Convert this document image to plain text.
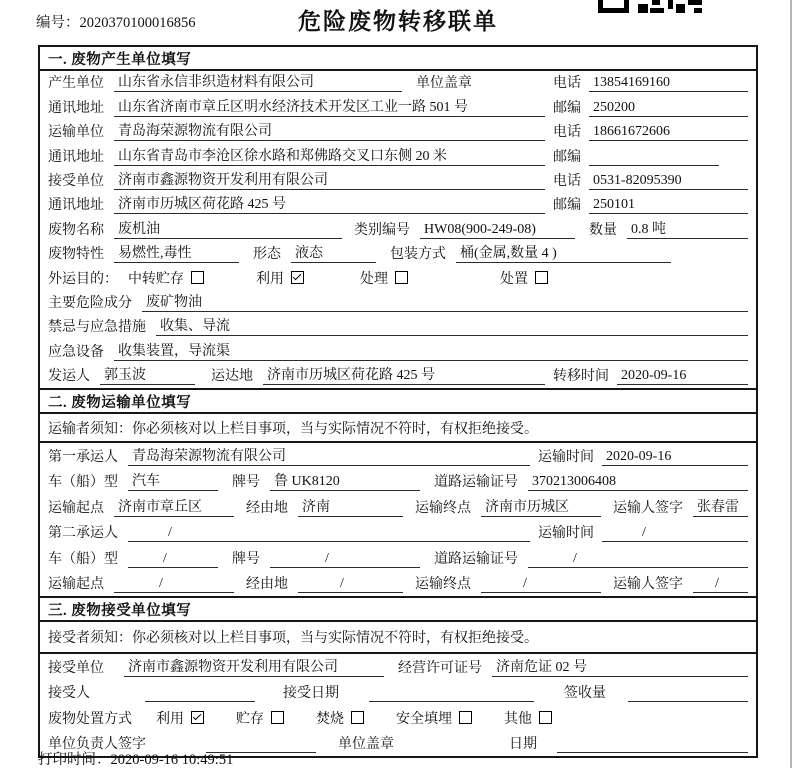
编号：2020370100016856	危险废物转移联单
一. 废物产生单位填写
产生单位 山东省永信非织造材料有限公司	单位盖章	电话 13854169160
通讯地址 山东省济南市章丘区明水经济技术开发区工业一路 501 号	邮编 250200
运输单位 青岛海荣源物流有限公司	电话 18661672606
通讯地址 山东省青岛市李沧区徐水路和郑佛路交叉口东侧 20 米	邮编
接受单位 济南市鑫源物资开发利用有限公司	电话 0531-82095390
通讯地址 济南市历城区荷花路 425 号	邮编 250101
废物名称 废机油	类别编号 HW08(900-249-08)	数量 0.8 吨
废物特性 易燃性,毒性	形态 液态	包装方式 桶(金属,数量 4 )
外运目的： 中转贮存	利用	处理	处置
主要危险成分 废矿物油
禁忌与应急措施 收集、导流
应急设备 收集装置，导流渠
发运人 郭玉波	运达地 济南市历城区荷花路 425 号	转移时间 2020-09-16
二. 废物运输单位填写
运输者须知：你必须核对以上栏目事项，当与实际情况不符时，有权拒绝接受。
第一承运人 青岛海荣源物流有限公司	运输时间 2020-09-16
车（船）型 汽车	牌号 鲁 UK8120	道路运输证号 370213006408
运输起点 济南市章丘区	经由地 济南	运输终点 济南市历城区	运输人签字 张春雷
第二承运人	/	运输时间	/
车（船）型	/	牌号	/	道路运输证号	/
运输起点	/	经由地	/	运输终点	/	运输人签字	/
三. 废物接受单位填写
接受者须知：你必须核对以上栏目事项，当与实际情况不符时，有权拒绝接受。
接受单位 济南市鑫源物资开发利用有限公司	经营许可证号 济南危证 02 号
接受人	接受日期	签收量
废物处置方式 利用	贮存	焚烧	安全填埋	其他
单位负责人签字	单位盖章	日期
打印时间：2020-09-16 10:49:51
